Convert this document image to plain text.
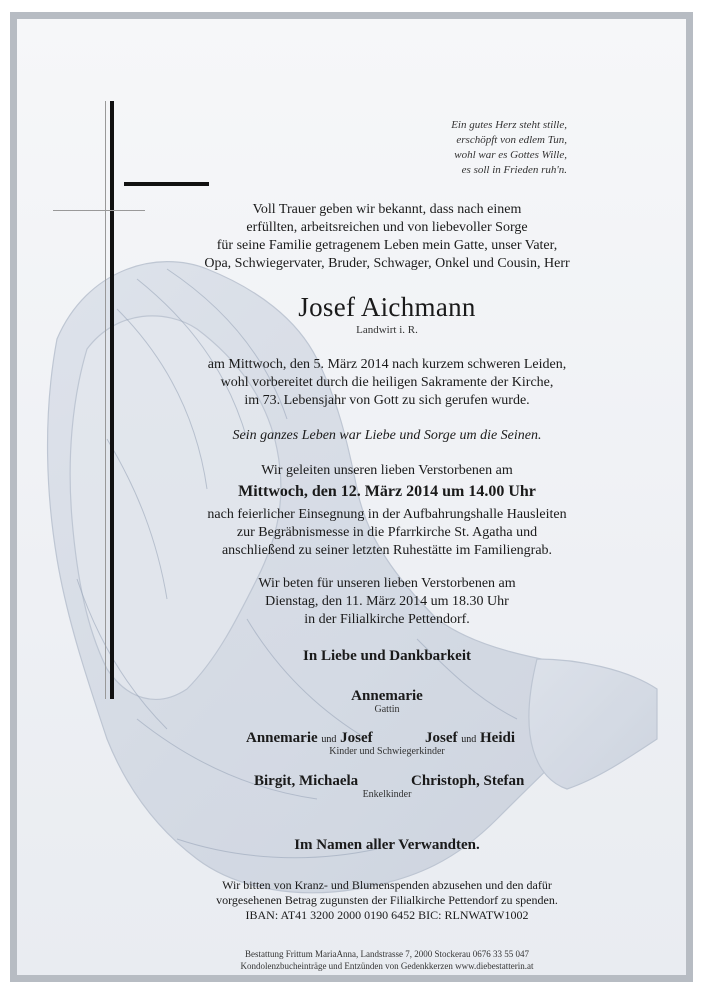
Ein gutes Herz steht stille,
erschöpft von edlem Tun,
wohl war es Gottes Wille,
es soll in Frieden ruh'n.
Voll Trauer geben wir bekannt, dass nach einem
erfüllten, arbeitsreichen und von liebevoller Sorge
für seine Familie getragenem Leben mein Gatte, unser Vater,
Opa, Schwiegervater, Bruder, Schwager, Onkel und Cousin, Herr
Josef Aichmann
Landwirt i. R.
am Mittwoch, den 5. März 2014 nach kurzem schweren Leiden,
wohl vorbereitet durch die heiligen Sakramente der Kirche,
im 73. Lebensjahr von Gott zu sich gerufen wurde.
Sein ganzes Leben war Liebe und Sorge um die Seinen.
Wir geleiten unseren lieben Verstorbenen am
Mittwoch, den 12. März 2014 um 14.00 Uhr
nach feierlicher Einsegnung in der Aufbahrungshalle Hausleiten
zur Begräbnismesse in die Pfarrkirche St. Agatha und
anschließend zu seiner letzten Ruhestätte im Familiengrab.
Wir beten für unseren lieben Verstorbenen am
Dienstag, den 11. März 2014 um 18.30 Uhr
in der Filialkirche Pettendorf.
In Liebe und Dankbarkeit
Annemarie
Gattin
Annemarie und Josef	Josef und Heidi
Kinder und Schwiegerkinder
Birgit, Michaela	Christoph, Stefan
Enkelkinder
Im Namen aller Verwandten.
Wir bitten von Kranz- und Blumenspenden abzusehen und den dafür
vorgesehenen Betrag zugunsten der Filialkirche Pettendorf zu spenden.
IBAN: AT41 3200 2000 0190 6452 BIC: RLNWATW1002
Bestattung Frittum MariaAnna, Landstrasse 7, 2000 Stockerau 0676 33 55 047
Kondolenzbucheinträge und Entzünden von Gedenkkerzen www.diebestatterin.at
